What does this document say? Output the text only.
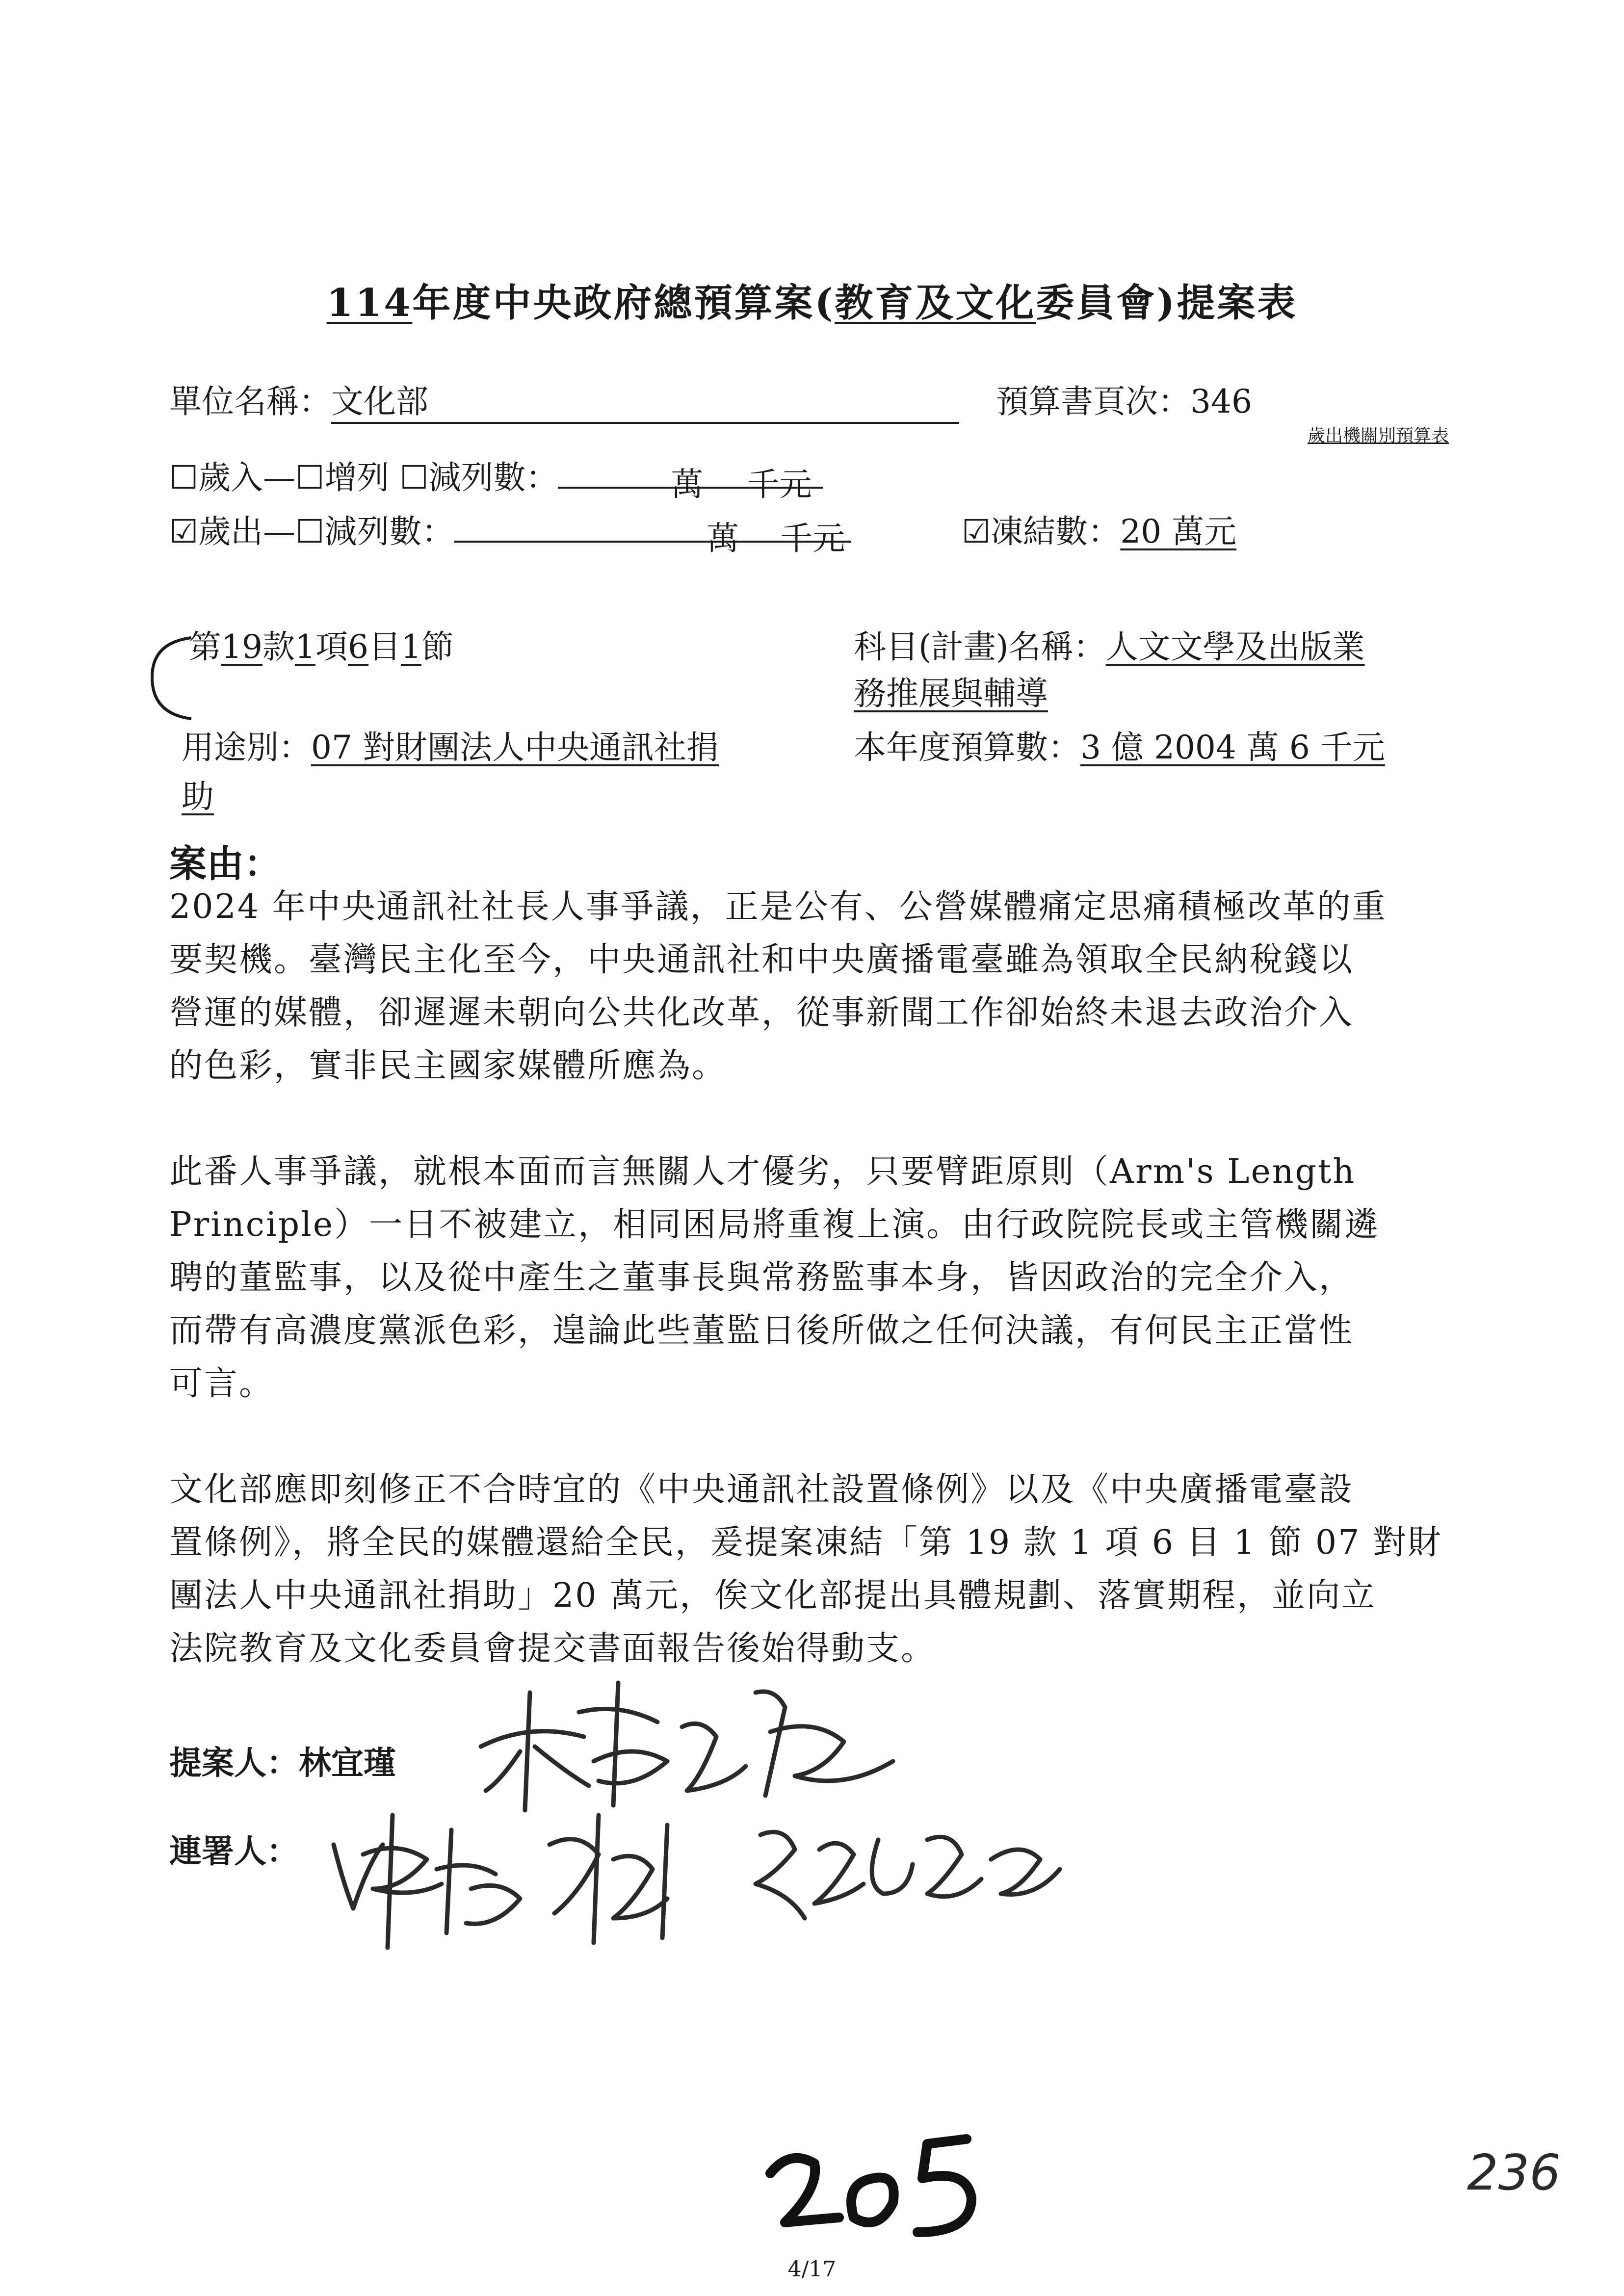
114年度中央政府總預算案(教育及文化委員會)提案表
單位名稱：文化部	預算書頁次：346
歲出機關別預算表
☐歲入—☐增列 ☐減列數：	萬 千元
☑歲出—☐減列數：	萬 千元	☑凍結數：20 萬元
第19款1項6目1節	科目(計畫)名稱：人文文學及出版業
務推展與輔導
用途別：07 對財團法人中央通訊社捐
助
本年度預算數：3 億 2004 萬 6 千元
案由：

2024 年中央通訊社社長人事爭議，正是公有、公營媒體痛定思痛積極改革的重
要契機。臺灣民主化至今，中央通訊社和中央廣播電臺雖為領取全民納稅錢以
營運的媒體，卻遲遲未朝向公共化改革，從事新聞工作卻始終未退去政治介入
的色彩，實非民主國家媒體所應為。

此番人事爭議，就根本面而言無關人才優劣，只要臂距原則（Arm's Length
Principle）一日不被建立，相同困局將重複上演。由行政院院長或主管機關遴
聘的董監事，以及從中產生之董事長與常務監事本身，皆因政治的完全介入，
而帶有高濃度黨派色彩，遑論此些董監日後所做之任何決議，有何民主正當性
可言。

文化部應即刻修正不合時宜的《中央通訊社設置條例》以及《中央廣播電臺設
置條例》，將全民的媒體還給全民，爰提案凍結「第 19 款 1 項 6 目 1 節 07 對財
團法人中央通訊社捐助」20 萬元，俟文化部提出具體規劃、落實期程，並向立
法院教育及文化委員會提交書面報告後始得動支。

提案人：林宜瑾
連署人：
236
4/17
